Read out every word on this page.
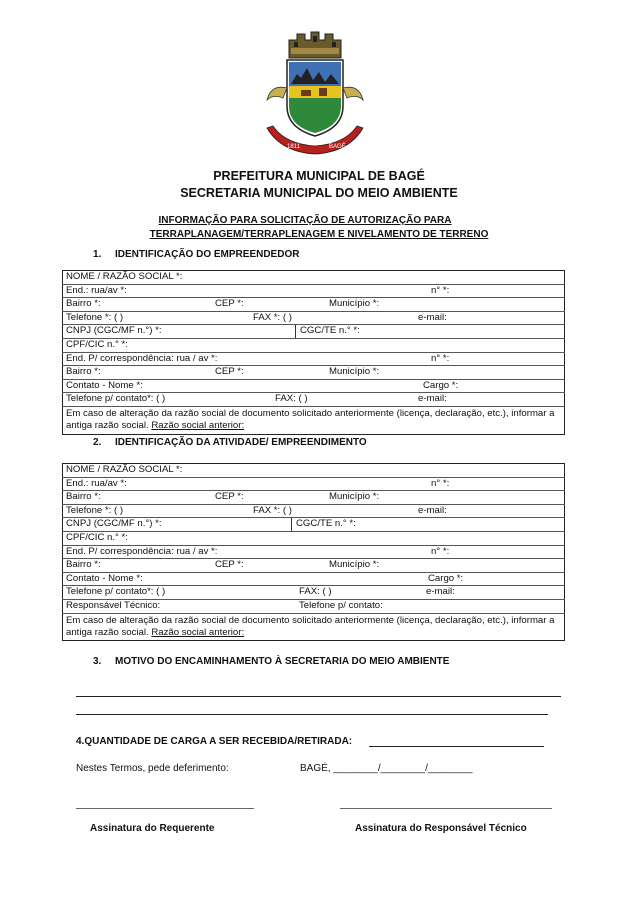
1811	BAGÉ
PREFEITURA MUNICIPAL DE BAGÉ
SECRETARIA MUNICIPAL DO MEIO AMBIENTE
INFORMAÇÃO PARA SOLICITAÇÃO DE AUTORIZAÇÃO PARA
TERRAPLANAGEM/TERRAPLENAGEM E NIVELAMENTO DE TERRENO
1. IDENTIFICAÇÃO DO EMPREENDEDOR
NOME / RAZÃO SOCIAL *:
End.: rua/av *:	n° *:

Bairro *:	CEP *:	Município *:

Telefone *: ( )	FAX *: ( )	e-mail:

CNPJ (CGC/MF n.°) *:	CGC/TE n.° *:

CPF/CIC n.° *:
End. P/ correspondência: rua / av *:	n° *:

Bairro *:	CEP *:	Município *:

Contato - Nome *:	Cargo *:

Telefone p/ contato*: ( )	FAX: ( )	e-mail:

Em caso de alteração da razão social de documento solicitado anteriormente (licença, declaração, etc.), informar a antiga razão social. Razão social anterior:
2. IDENTIFICAÇÃO DA ATIVIDADE/ EMPREENDIMENTO
NOME / RAZÃO SOCIAL *:
End.: rua/av *:	n° *:

Bairro *:	CEP *:	Município *:

Telefone *: ( )	FAX *: ( )	e-mail:

CNPJ (CGC/MF n.°) *:	CGC/TE n.° *:

CPF/CIC n.° *:
End. P/ correspondência: rua / av *:	n° *:

Bairro *:	CEP *:	Município *:

Contato - Nome *:	Cargo *:

Telefone p/ contato*: ( )	FAX: ( )	e-mail:

Responsável Técnico:	Telefone p/ contato:

Em caso de alteração da razão social de documento solicitado anteriormente (licença, declaração, etc.), informar a antiga razão social. Razão social anterior:
3. MOTIVO DO ENCAMINHAMENTO À SECRETARIA DO MEIO AMBIENTE
4.QUANTIDADE DE CARGA A SER RECEBIDA/RETIRADA:
Nestes Termos, pede deferimento:	BAGÉ, ________/________/________
Assinatura do Requerente	Assinatura do Responsável Técnico
